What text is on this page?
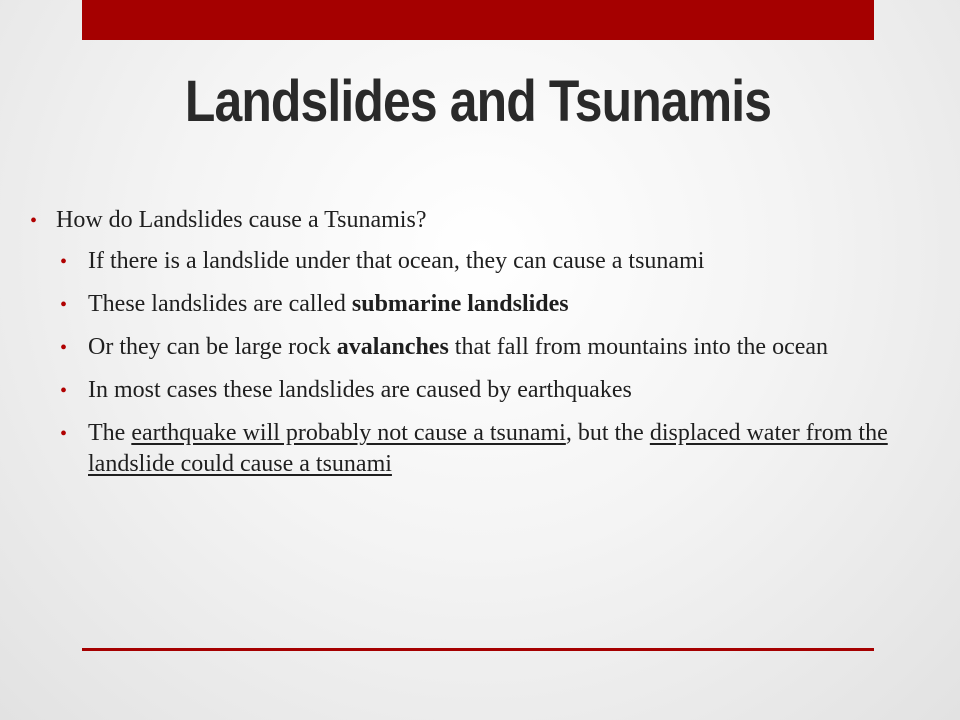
Landslides and Tsunamis
• How do Landslides cause a Tsunamis?
• If there is a landslide under that ocean, they can cause a tsunami
• These landslides are called submarine landslides
• Or they can be large rock avalanches that fall from mountains into the ocean
• In most cases these landslides are caused by earthquakes
• The earthquake will probably not cause a tsunami, but the displaced water from the landslide could cause a tsunami
